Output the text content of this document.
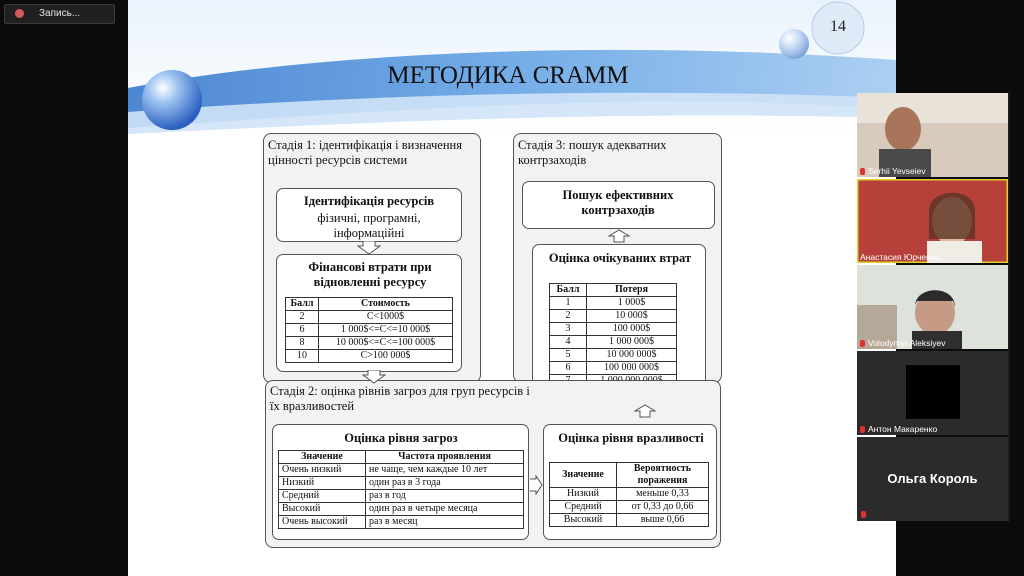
Запись...
14
МЕТОДИКА CRAMM
Стадія 1: ідентифікація і визначення цінності ресурсів системи
Ідентифікація ресурсів
фізичні, програмні, інформаційні
Фінансові втрати при відновленні ресурсу
Балл	Стоимость
2	C<1000$
6	1 000$<=C<=10 000$
8	10 000$<=C<=100 000$
10	C>100 000$
Стадія 3: пошук адекватних контрзаходів
Пошук ефективних контрзаходів
Оцінка очікуваних втрат
Балл	Потеря
1	1 000$
2	10 000$
3	100 000$
4	1 000 000$
5	10 000 000$
6	100 000 000$

Стадія 2: оцінка рівнів загроз для груп ресурсів і їх вразливостей
Оцінка рівня загроз
Значение	Частота проявления
Очень низкий	не чаще, чем каждые 10 лет
Низкий	один раз в 3 года
Средний	раз в год
Высокий	один раз в четыре месяца
Очень высокий	раз в месяц
Оцінка рівня вразливості
Значение	Вероятность поражения
Низкий	меньше 0,33
Средний	от 0,33 до 0,66
Высокий	выше 0,66
Serhii Yevseiev
Анастасия Юрченко
Volodymyr Aleksiyev
Антон Макаренко
Ольга Король
